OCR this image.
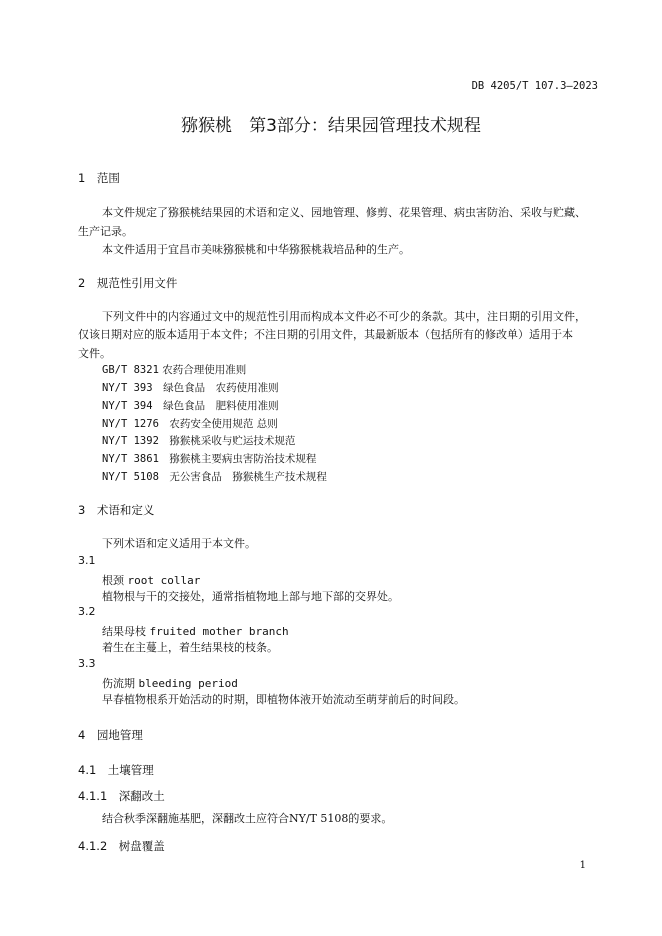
DB 4205/T 107.3—2023
猕猴桃　第3部分：结果园管理技术规程
1　 范围
本文件规定了猕猴桃结果园的术语和定义、园地管理、修剪、花果管理、病虫害防治、采收与贮藏、
生产记录。
本文件适用于宜昌市美味猕猴桃和中华猕猴桃栽培品种的生产。
2　 规范性引用文件
下列文件中的内容通过文中的规范性引用而构成本文件必不可少的条款。其中，注日期的引用文件，
仅该日期对应的版本适用于本文件；不注日期的引用文件，其最新版本（包括所有的修改单）适用于本
文件。
GB/T 8321 农药合理使用准则
NY/T 393　 绿色食品　农药使用准则
NY/T 394　 绿色食品　肥料使用准则
NY/T 1276　 农药安全使用规范 总则
NY/T 1392　 猕猴桃采收与贮运技术规范
NY/T 3861　 猕猴桃主要病虫害防治技术规程
NY/T 5108　 无公害食品　猕猴桃生产技术规程
3　 术语和定义
下列术语和定义适用于本文件。
3.1
根颈 root collar
植物根与干的交接处，通常指植物地上部与地下部的交界处。
3.2
结果母枝 fruited mother branch
着生在主蔓上，着生结果枝的枝条。
3.3
伤流期 bleeding period
早春植物根系开始活动的时期，即植物体液开始流动至萌芽前后的时间段。
4　 园地管理
4.1　 土壤管理
4.1.1　 深翻改土
结合秋季深翻施基肥，深翻改土应符合NY/T 5108的要求。
4.1.2　 树盘覆盖
1
